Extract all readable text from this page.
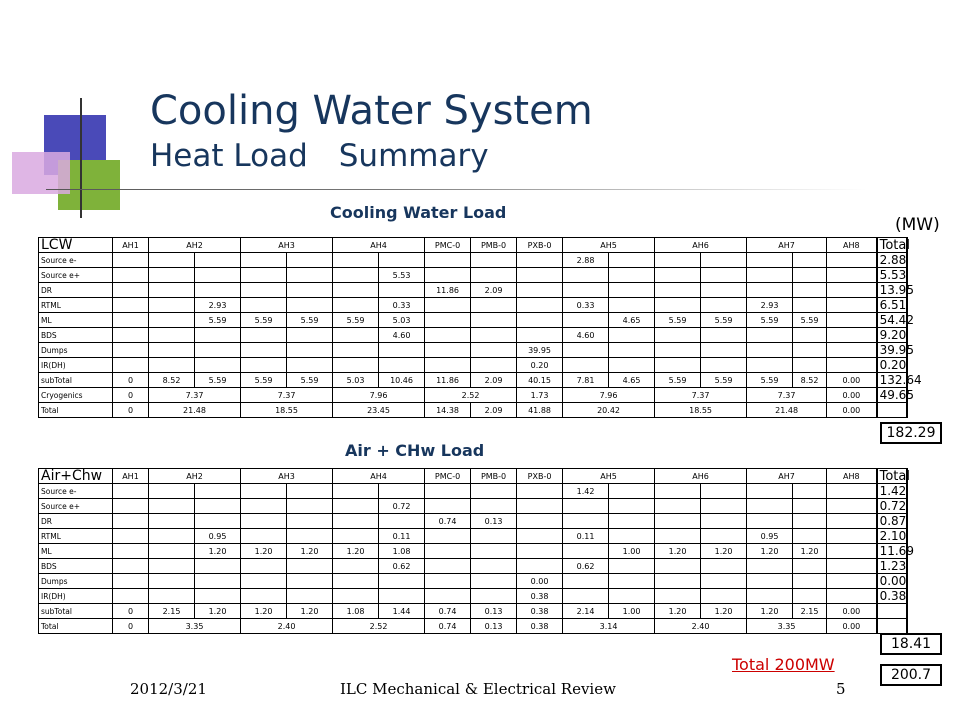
Cooling Water System
Heat Load　Summary
Cooling Water Load
(MW)
LCW	AH1	AH2		AH3		AH4		PMC-0	PMB-0	PXB-0	AH5		AH6		AH7		AH8	Total
Source e-											2.88							2.88
Source e+							5.53											5.53
DR								11.86	2.09									13.95
RTML			2.93				0.33				0.33				2.93			6.51
ML			5.59	5.59	5.59	5.59	5.03					4.65	5.59	5.59	5.59	5.59		54.42
BDS							4.60				4.60							9.20
Dumps										39.95								39.95
IR(DH)										0.20								0.20
subTotal	0	8.52	5.59	5.59	5.59	5.03	10.46	11.86	2.09	40.15	7.81	4.65	5.59	5.59	5.59	8.52	0.00	132.64
Cryogenics	0	7.37		7.37		7.96		2.52		1.73	7.96		7.37		7.37		0.00	49.65
Total	0	21.48		18.55		23.45		14.38	2.09	41.88	20.42		18.55		21.48		0.00	
Air + CHw Load
Air+Chw	AH1	AH2		AH3		AH4		PMC-0	PMB-0	PXB-0	AH5		AH6		AH7		AH8	Total
Source e-											1.42							1.42
Source e+							0.72											0.72
DR								0.74	0.13									0.87
RTML			0.95				0.11				0.11				0.95			2.10
ML			1.20	1.20	1.20	1.20	1.08					1.00	1.20	1.20	1.20	1.20		11.69
BDS							0.62				0.62							1.23
Dumps										0.00								0.00
IR(DH)										0.38								0.38
subTotal	0	2.15	1.20	1.20	1.20	1.08	1.44	0.74	0.13	0.38	2.14	1.00	1.20	1.20	1.20	2.15	0.00	
Total	0	3.35		2.40		2.52		0.74	0.13	0.38	3.14		2.40		3.35		0.00	
182.29
18.41
200.7
Total 200MW
2012/3/21	ILC Mechanical & Electrical Review	5
